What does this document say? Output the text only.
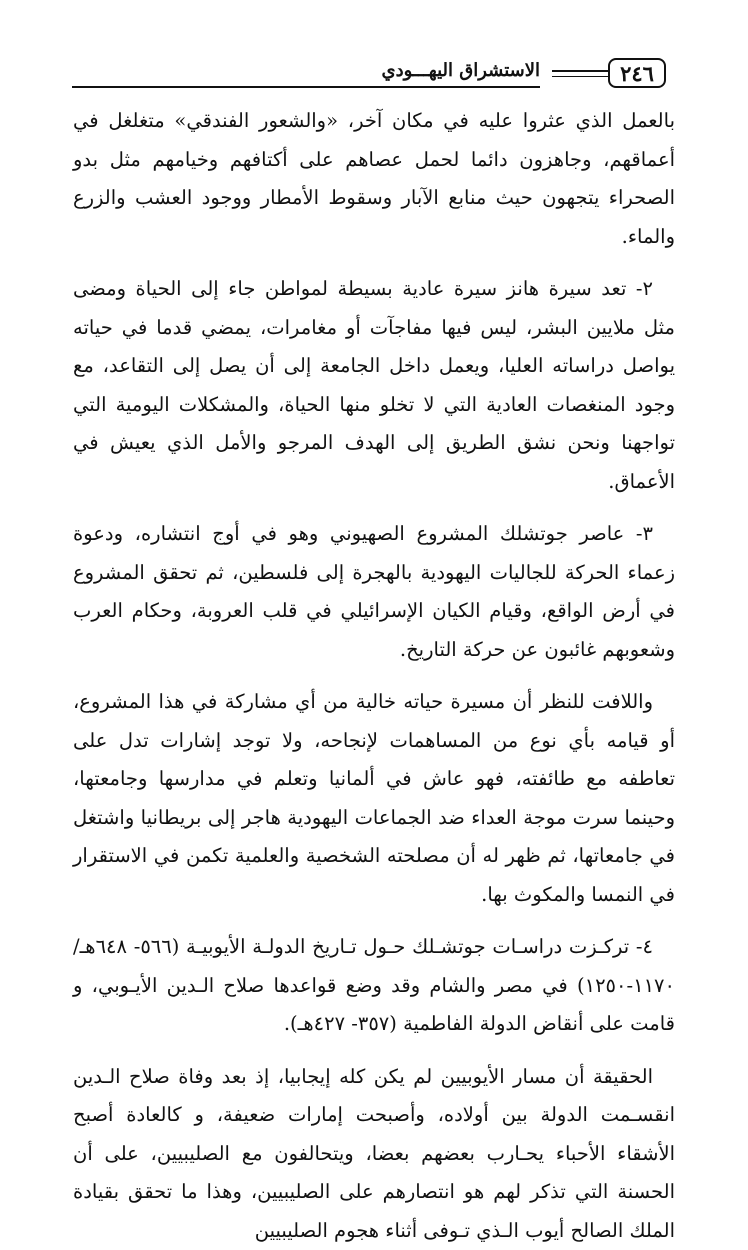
٢٤٦
الاستشراق اليهـــودي

بالعمل الذي عثروا عليه في مكان آخر، «والشعور الفندقي» متغلغل في أعماقهم، وجاهزون دائما لحمل عصاهم على أكتافهم وخيامهم مثل بدو الصحراء يتجهون حيث منابع الآبار وسقوط الأمطار ووجود العشب والزرع والماء.

٢- تعد سيرة هانز سيرة عادية بسيطة لمواطن جاء إلى الحياة ومضى مثل ملايين البشر، ليس فيها مفاجآت أو مغامرات، يمضي قدما في حياته يواصل دراساته العليا، ويعمل داخل الجامعة إلى أن يصل إلى التقاعد، مع وجود المنغصات العادية التي لا تخلو منها الحياة، والمشكلات اليومية التي تواجهنا ونحن نشق الطريق إلى الهدف المرجو والأمل الذي يعيش في الأعماق.

٣- عاصر جوتشلك المشروع الصهيوني وهو في أوج انتشاره، ودعوة زعماء الحركة للجاليات اليهودية بالهجرة إلى فلسطين، ثم تحقق المشروع في أرض الواقع، وقيام الكيان الإسرائيلي في قلب العروبة، وحكام العرب وشعوبهم غائبون عن حركة التاريخ.

واللافت للنظر أن مسيرة حياته خالية من أي مشاركة في هذا المشروع، أو قيامه بأي نوع من المساهمات لإنجاحه، ولا توجد إشارات تدل على تعاطفه مع طائفته، فهو عاش في ألمانيا وتعلم في مدارسها وجامعتها، وحينما سرت موجة العداء ضد الجماعات اليهودية هاجر إلى بريطانيا واشتغل في جامعاتها، ثم ظهر له أن مصلحته الشخصية والعلمية تكمن في الاستقرار في النمسا والمكوث بها.

٤- تركـزت دراسـات جوتشـلك حـول تـاريخ الدولـة الأيوبيـة (٥٦٦- ٦٤٨هـ/ ١١٧٠-١٢٥٠) في مصر والشام وقد وضع قواعدها صلاح الـدين الأيـوبي، و قامت على أنقاض الدولة الفاطمية (٣٥٧- ٤٢٧هـ).

الحقيقة أن مسار الأيوبيين لم يكن كله إيجابيا، إذ بعد وفاة صلاح الـدين انقسـمت الدولة بين أولاده، وأصبحت إمارات ضعيفة، و كالعادة أصبح الأشقاء الأحباء يحـارب بعضهم بعضا، ويتحالفون مع الصليبيين، على أن الحسنة التي تذكر لهم هو انتصارهم على الصليبيين، وهذا ما تحقق بقيادة الملك الصالح أيوب الـذي تـوفى أثناء هجوم الصليبيين
